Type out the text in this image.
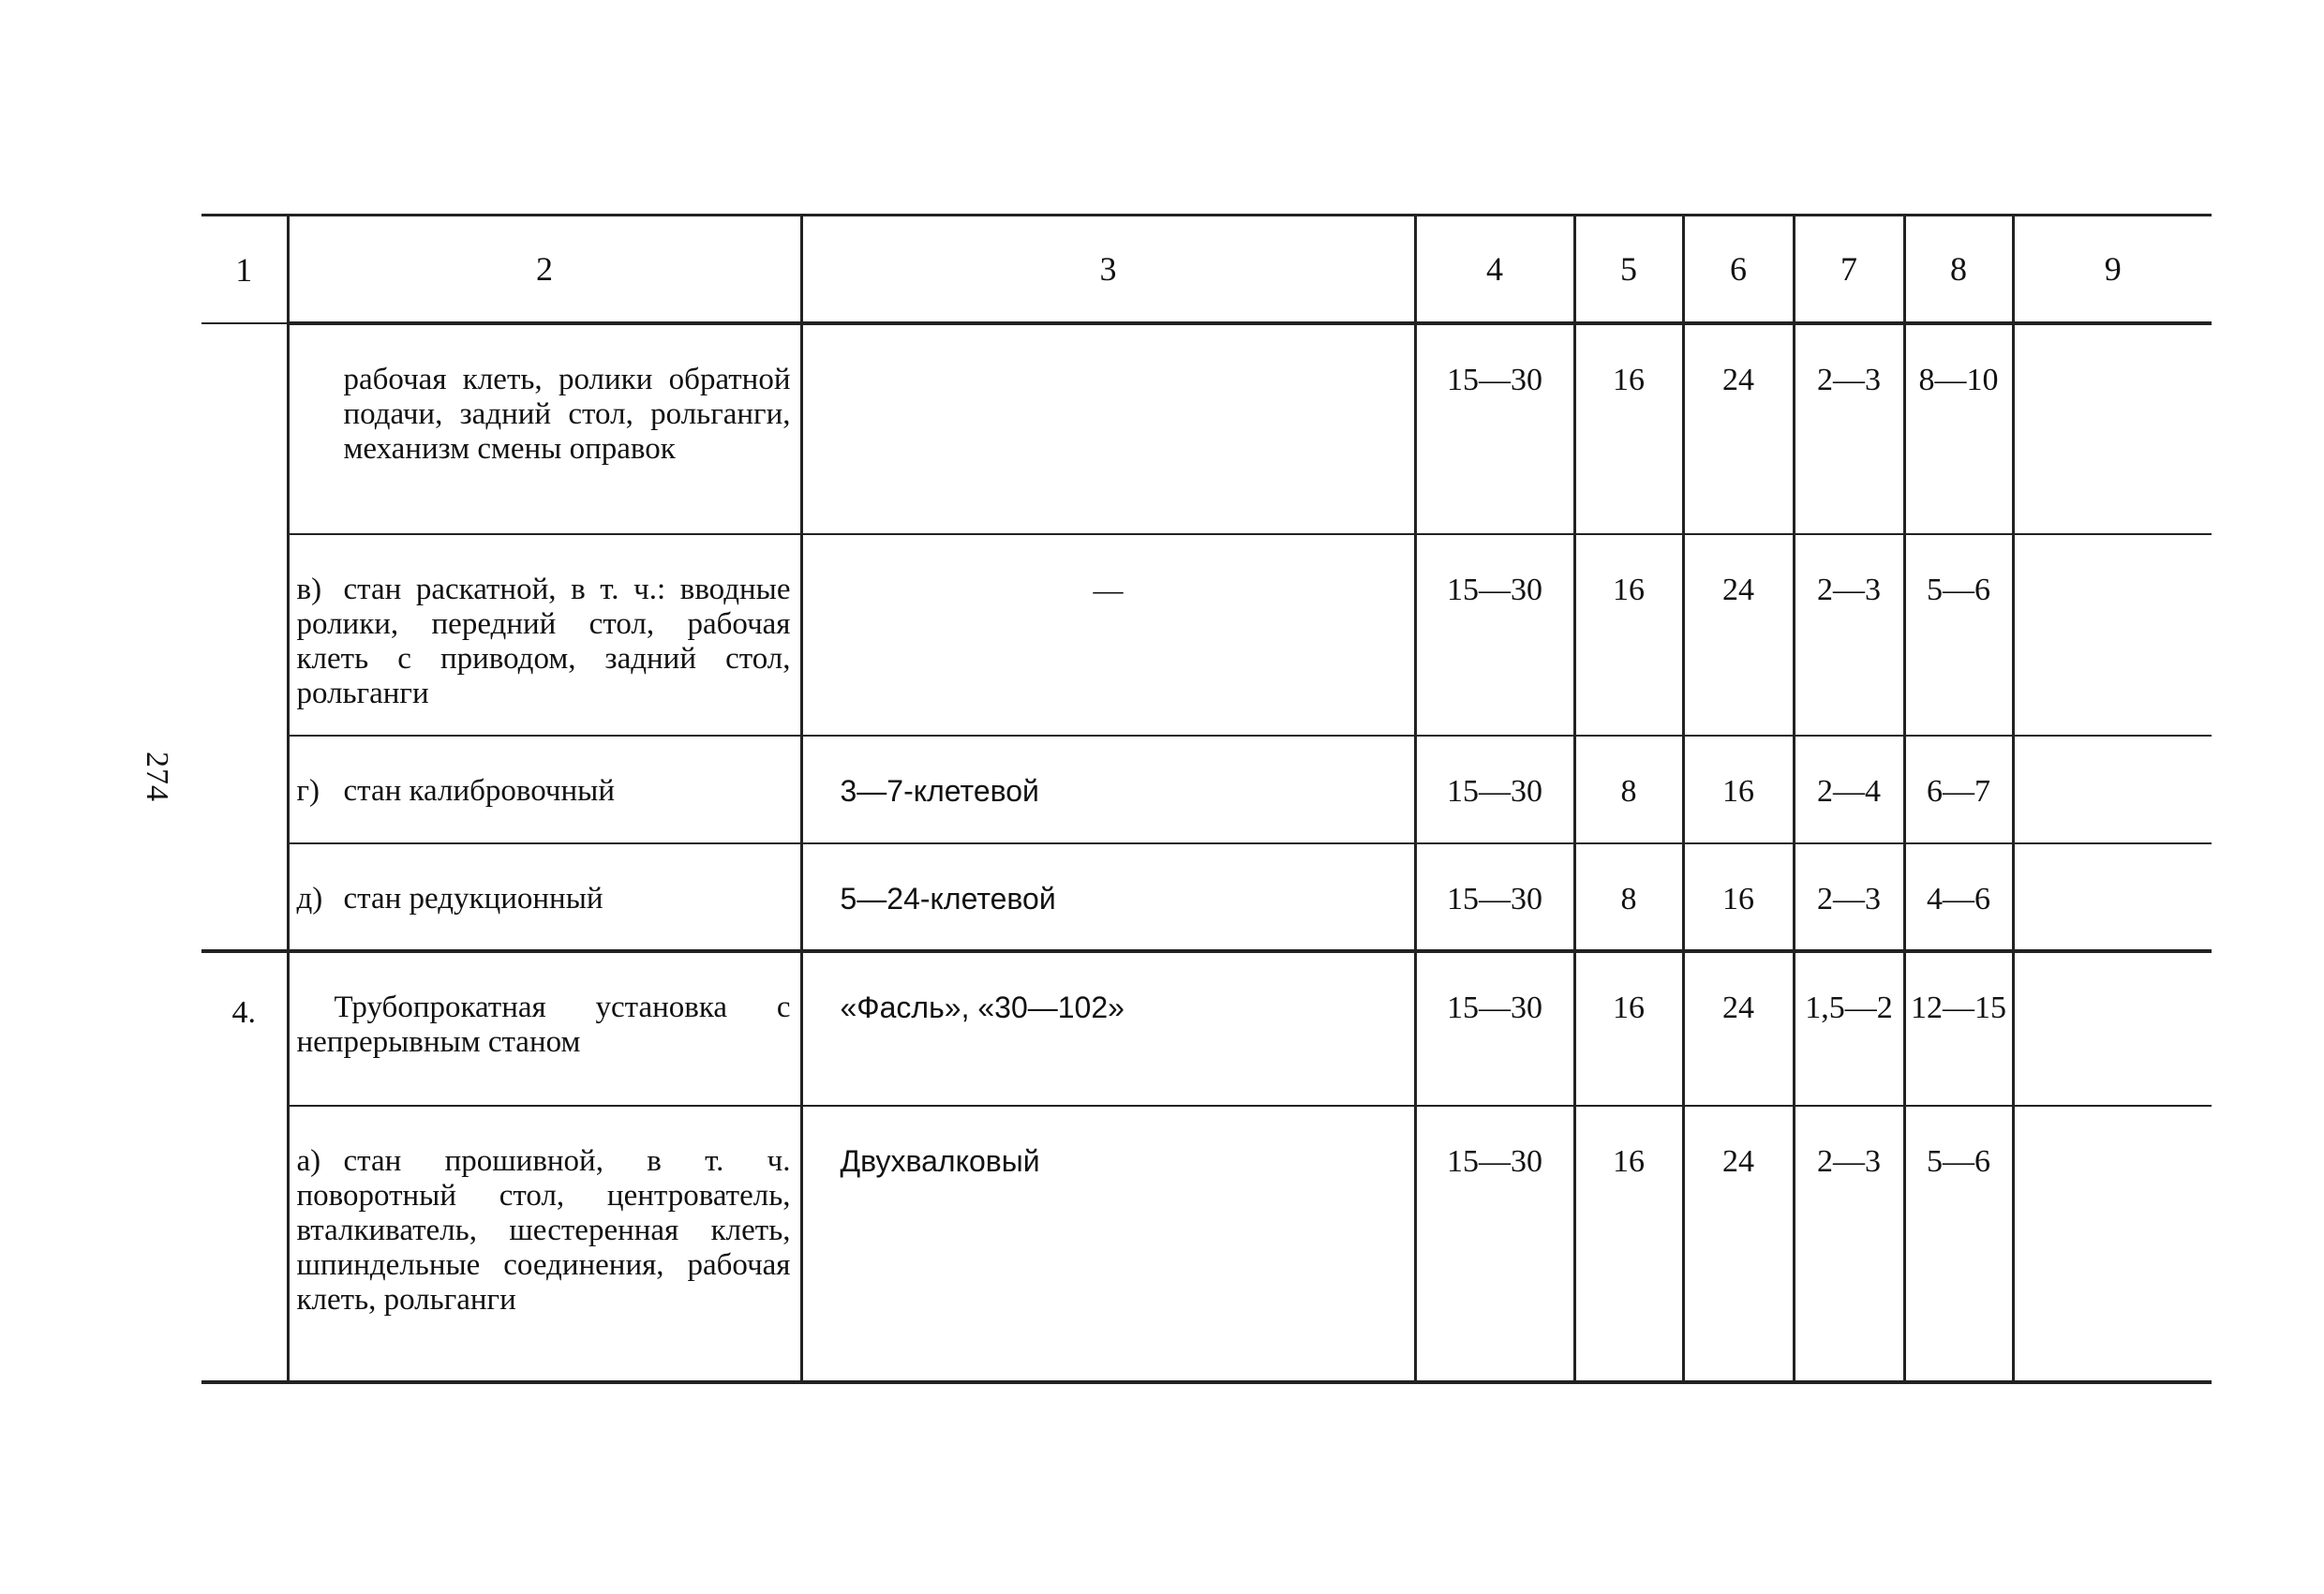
274
1	2	3	4	5	6	7	8	9
	рабочая клеть, ролики обратной подачи, задний стол, рольганги, механизм смены оправок		15—30	16	24	2—3	8—10	
	в) стан раскатной, в т. ч.: вводные ролики, передний стол, рабочая клеть с приводом, задний стол, рольганги	—	15—30	16	24	2—3	5—6	
	г) стан калибровочный	3—7-клетевой	15—30	8	16	2—4	6—7	
	д) стан редукционный	5—24-клетевой	15—30	8	16	2—3	4—6	
4.	Трубопрокатная установка с непрерывным станом	«Фасль», «30—102»	15—30	16	24	1,5—2	12—15	
	а) стан прошивной, в т. ч. поворотный стол, центрователь, вталкиватель, шестеренная клеть, шпиндельные соединения, рабочая клеть, рольганги	Двухвалковый	15—30	16	24	2—3	5—6	
